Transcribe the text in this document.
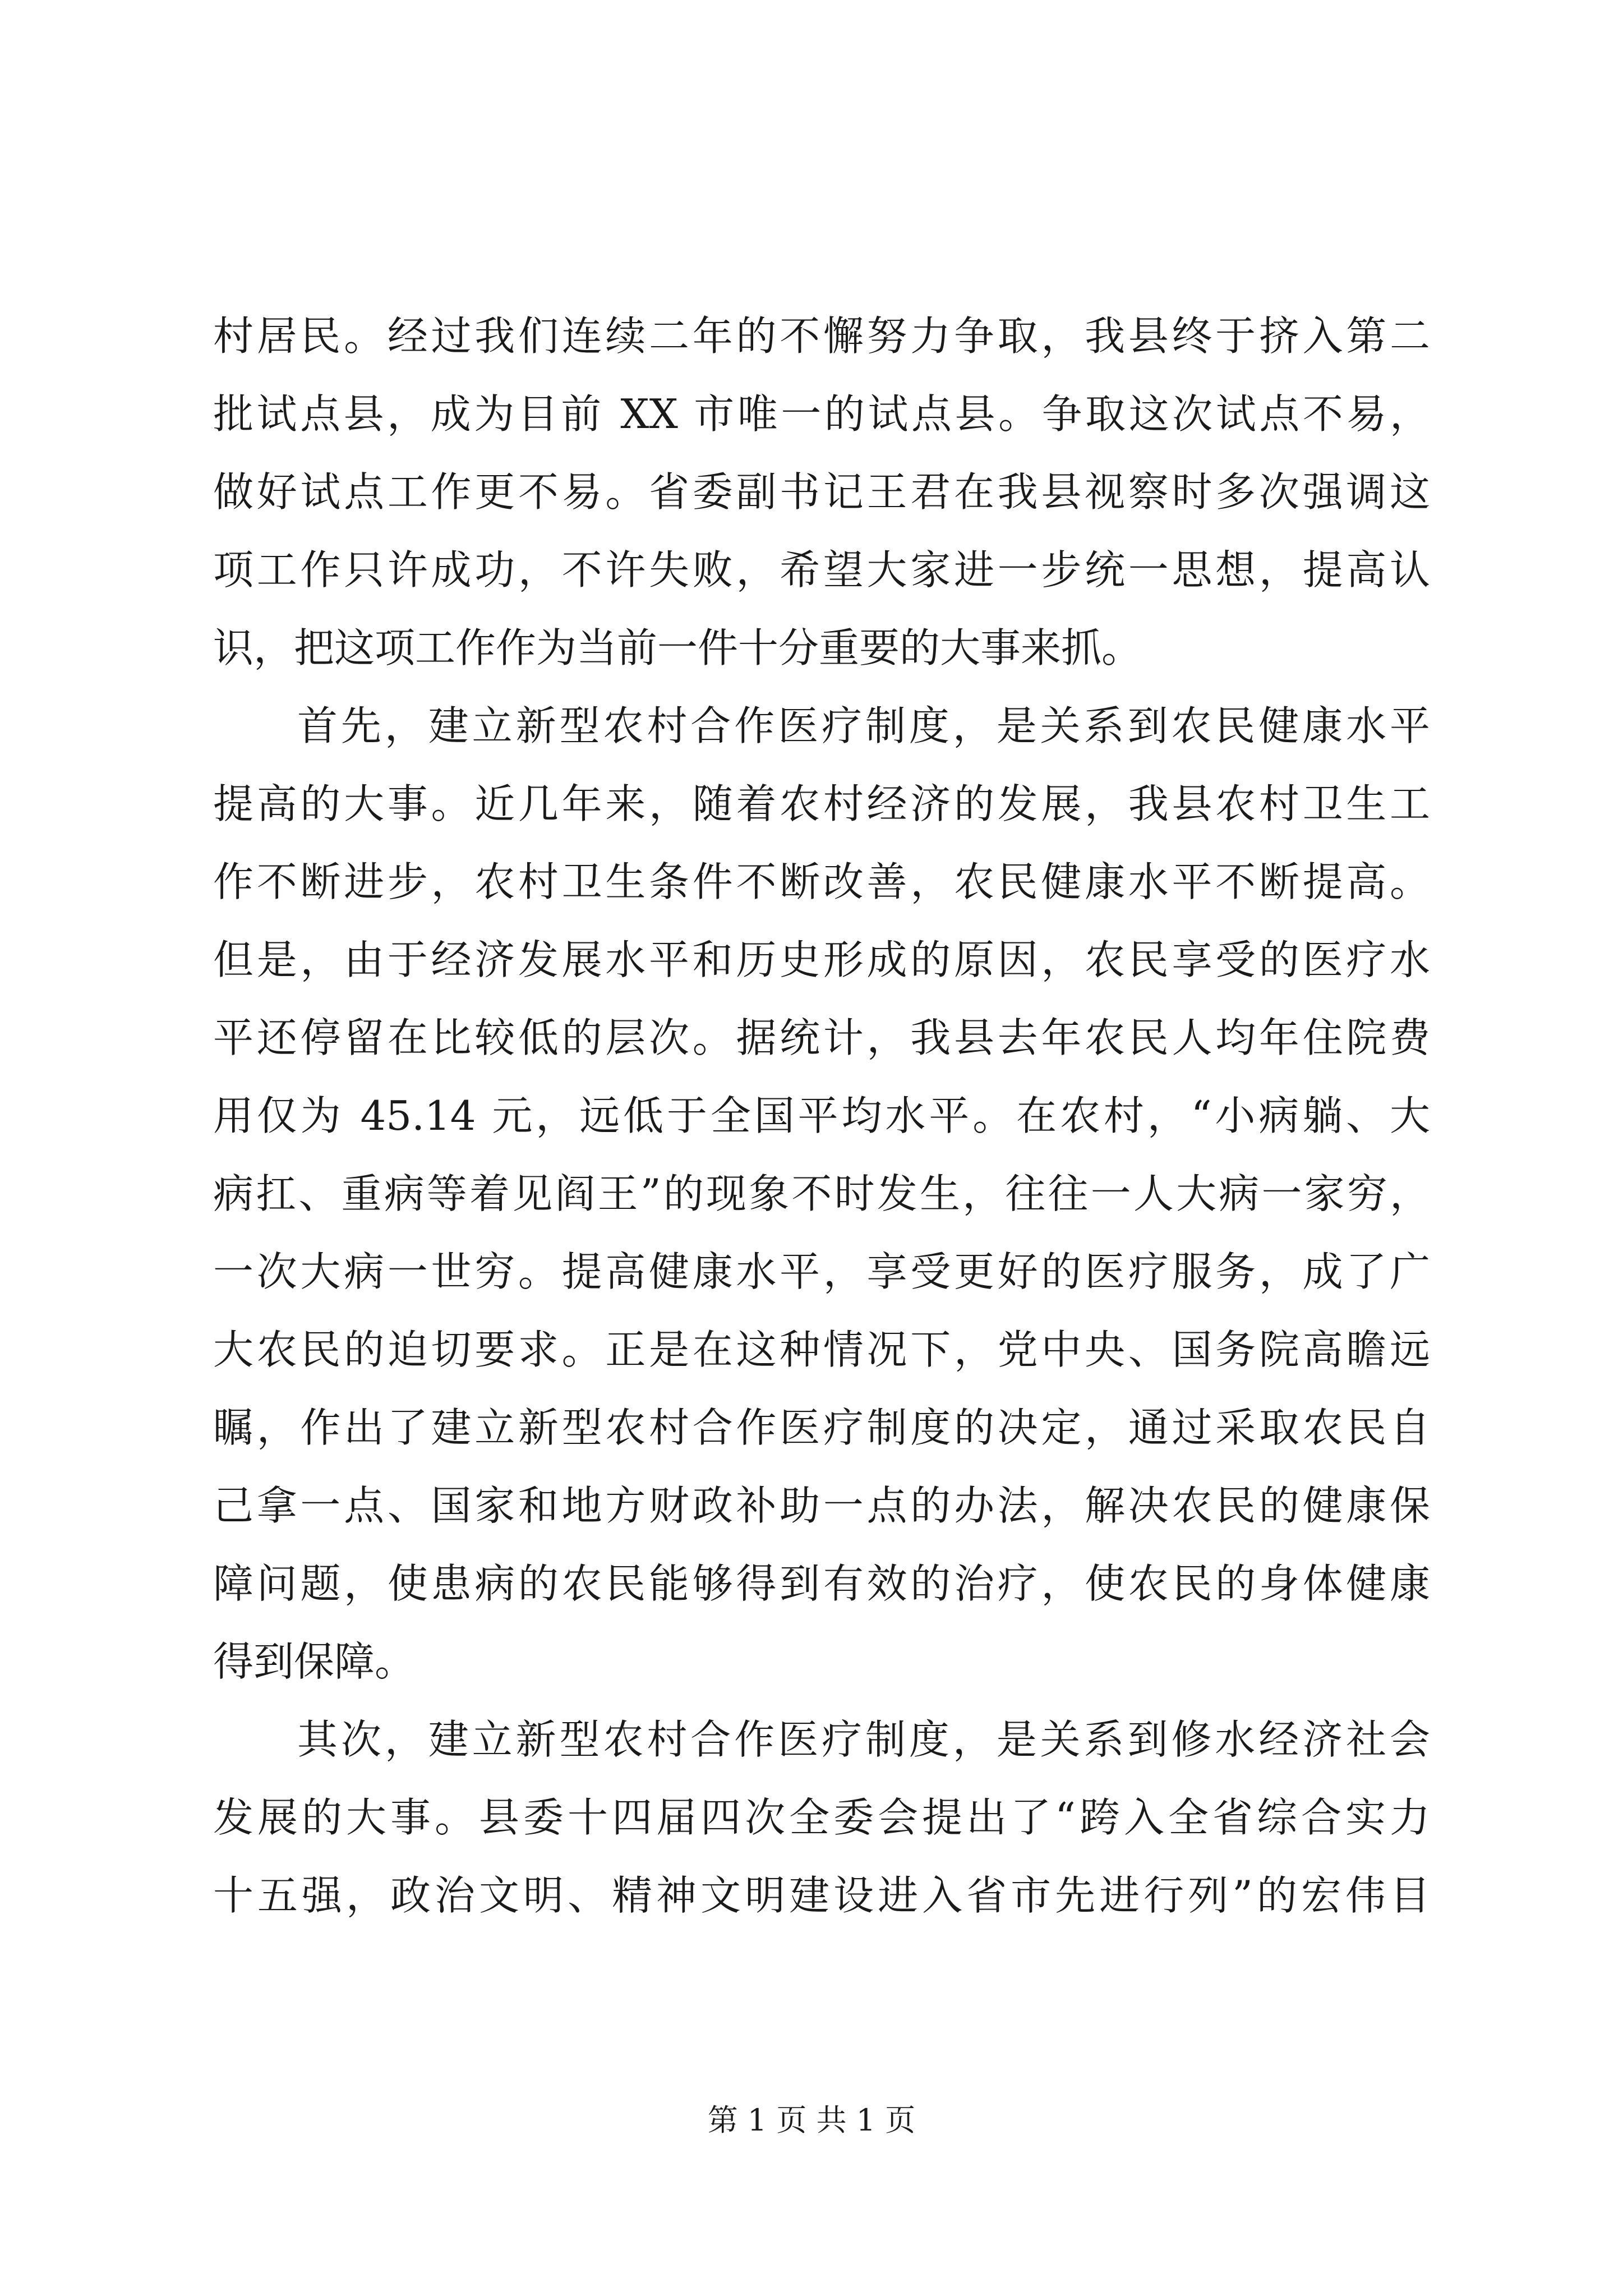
村居民。经过我们连续二年的不懈努力争取，我县终于挤入第二
批试点县，成为目前 XX 市唯一的试点县。争取这次试点不易，
做好试点工作更不易。省委副书记王君在我县视察时多次强调这
项工作只许成功，不许失败，希望大家进一步统一思想，提高认
识，把这项工作作为当前一件十分重要的大事来抓。
首先，建立新型农村合作医疗制度，是关系到农民健康水平
提高的大事。近几年来，随着农村经济的发展，我县农村卫生工
作不断进步，农村卫生条件不断改善，农民健康水平不断提高。
但是，由于经济发展水平和历史形成的原因，农民享受的医疗水
平还停留在比较低的层次。据统计，我县去年农民人均年住院费
用仅为 45.14 元，远低于全国平均水平。在农村，“小病躺、大
病扛、重病等着见阎王”的现象不时发生，往往一人大病一家穷，
一次大病一世穷。提高健康水平，享受更好的医疗服务，成了广
大农民的迫切要求。正是在这种情况下，党中央、国务院高瞻远
瞩，作出了建立新型农村合作医疗制度的决定，通过采取农民自
己拿一点、国家和地方财政补助一点的办法，解决农民的健康保
障问题，使患病的农民能够得到有效的治疗，使农民的身体健康
得到保障。
其次，建立新型农村合作医疗制度，是关系到修水经济社会
发展的大事。县委十四届四次全委会提出了“跨入全省综合实力
十五强，政治文明、精神文明建设进入省市先进行列”的宏伟目
第 1 页 共 1 页
